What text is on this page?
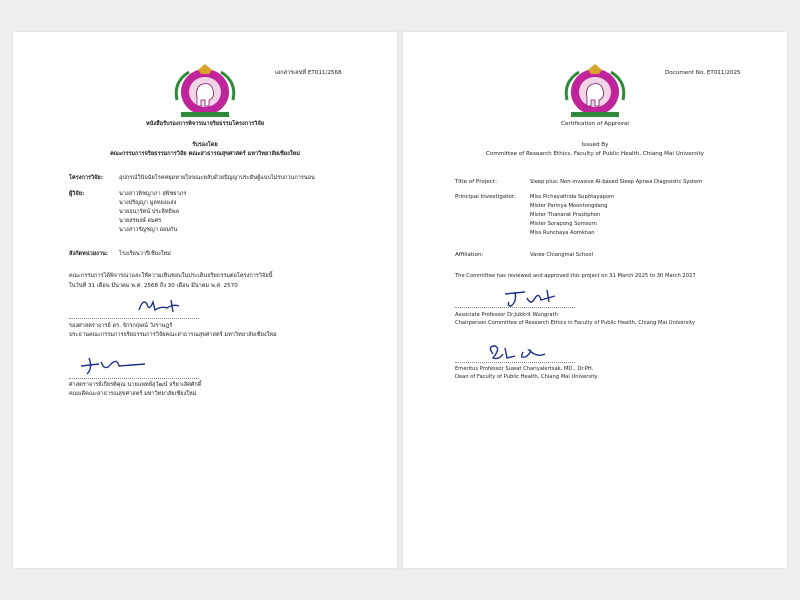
เอกสารเลขที่ ET011/2568
หนังสือรับรองการพิจารณาจริยธรรมโครงการวิจัย
รับรองโดย
คณะกรรมการจริยธรรมการวิจัย คณะสาธารณสุขศาสตร์ มหาวิทยาลัยเชียงใหม่
โครงการวิจัย:	อุปกรณ์วินิจฉัยโรคหยุดหายใจขณะหลับด้วยปัญญาประดิษฐ์แบบไม่รบกวนการนอน
ผู้วิจัย:	นางสาวพิชญาภา สุพิชยาภร
นางปริญญา มูลทองแสง
นายธนารัตน์ ประสิทธิพล
นายสรพงษ์ สมศร
นางสาวรัญชญา อ่อมกัน
สังกัดหน่วยงาน: โรงเรียนวารีเชียงใหม่
คณะกรรมการได้พิจารณาและให้ความเห็นชอบในประเด็นจริยธรรมต่อโครงการวิจัยนี้
ในวันที่ 31 เดือน มีนาคม พ.ศ. 2568 ถึง 30 เดือน มีนาคม พ.ศ. 2570
รองศาสตราจารย์ ดร. จักรกฤษณ์ วังราษฎร์
ประธานคณะกรรมการจริยธรรมการวิจัยคณะสาธารณสุขศาสตร์ มหาวิทยาลัยเชียงใหม่
ศาสตราจารย์เกียรติคุณ นายแพทย์สุวัฒน์ จริยาเลิศศักดิ์
คณบดีคณะสาธารณสุขศาสตร์ มหาวิทยาลัยเชียงใหม่
Document No. ET011/2025
Certification of Approval
Issued By
Committee of Research Ethics, Faculty of Public Health, Chiang Mai University
Title of Project:	Sleep plus: Non-invasive AI-based Sleep Apnea Diagnostic System
Principal Investigator:	Miss Pichayathida Supittayapom
Mister Parinya Moontongdang
Mister Thanarat Prasitphon
Mister Sorapong Somsorn
Miss Runchaya Aomkhan
Affiliation:	Varee Chiangmai School
The Committee has reviewed and approved this project on 31 March 2025 to 30 March 2027
Associate Professor Dr.Jukkrit Wungrath
Chairperson Committee of Research Ethics in Faculty of Public Health, Chiang Mai University
Emeritus Professor Suwat Chariyalertsak, MD., Dr.PH.
Dean of Faculty of Public Health, Chiang Mai University
